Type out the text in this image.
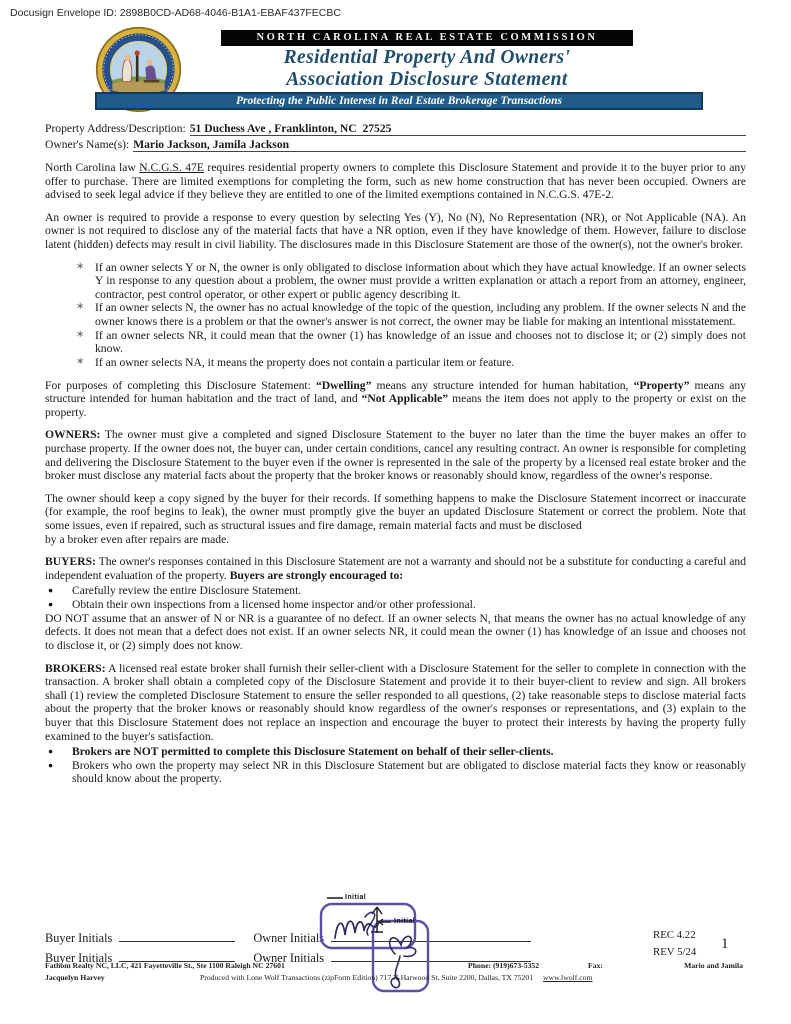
Docusign Envelope ID: 2898B0CD-AD68-4046-B1A1-EBAF437FECBC
NORTH CAROLINA REAL ESTATE COMMISSION
Residential Property And Owners'
Association Disclosure Statement
Protecting the Public Interest in Real Estate Brokerage Transactions
Property Address/Description: 51 Duchess Ave , Franklinton, NC  27525
Owner's Name(s): Mario Jackson, Jamila Jackson
North Carolina law N.C.G.S. 47E requires residential property owners to complete this Disclosure Statement and provide it to the buyer prior to any offer to purchase. There are limited exemptions for completing the form, such as new home construction that has never been occupied. Owners are advised to seek legal advice if they believe they are entitled to one of the limited exemptions contained in N.C.G.S. 47E-2.
An owner is required to provide a response to every question by selecting Yes (Y), No (N), No Representation (NR), or Not Applicable (NA). An owner is not required to disclose any of the material facts that have a NR option, even if they have knowledge of them. However, failure to disclose latent (hidden) defects may result in civil liability. The disclosures made in this Disclosure Statement are those of the owner(s), not the owner's broker.
∗ If an owner selects Y or N, the owner is only obligated to disclose information about which they have actual knowledge. If an owner selects Y in response to any question about a problem, the owner must provide a written explanation or attach a report from an attorney, engineer, contractor, pest control operator, or other expert or public agency describing it.
∗ If an owner selects N, the owner has no actual knowledge of the topic of the question, including any problem. If the owner selects N and the owner knows there is a problem or that the owner's answer is not correct, the owner may be liable for making an intentional misstatement.
∗ If an owner selects NR, it could mean that the owner (1) has knowledge of an issue and chooses not to disclose it; or (2) simply does not know.
∗ If an owner selects NA, it means the property does not contain a particular item or feature.
For purposes of completing this Disclosure Statement: “Dwelling” means any structure intended for human habitation, “Property” means any structure intended for human habitation and the tract of land, and “Not Applicable” means the item does not apply to the property or exist on the property.
OWNERS: The owner must give a completed and signed Disclosure Statement to the buyer no later than the time the buyer makes an offer to purchase property. If the owner does not, the buyer can, under certain conditions, cancel any resulting contract. An owner is responsible for completing and delivering the Disclosure Statement to the buyer even if the owner is represented in the sale of the property by a licensed real estate broker and the broker must disclose any material facts about the property that the broker knows or reasonably should know, regardless of the owner's response.
The owner should keep a copy signed by the buyer for their records. If something happens to make the Disclosure Statement incorrect or inaccurate (for example, the roof begins to leak), the owner must promptly give the buyer an updated Disclosure Statement or correct the problem. Note that some issues, even if repaired, such as structural issues and fire damage, remain material facts and must be disclosed
by a broker even after repairs are made.
BUYERS: The owner's responses contained in this Disclosure Statement are not a warranty and should not be a substitute for conducting a careful and independent evaluation of the property. Buyers are strongly encouraged to:
● Carefully review the entire Disclosure Statement.
● Obtain their own inspections from a licensed home inspector and/or other professional.
DO NOT assume that an answer of N or NR is a guarantee of no defect. If an owner selects N, that means the owner has no actual knowledge of any defects. It does not mean that a defect does not exist. If an owner selects NR, it could mean the owner (1) has knowledge of an issue and chooses not to disclose it, or (2) simply does not know.
BROKERS: A licensed real estate broker shall furnish their seller-client with a Disclosure Statement for the seller to complete in connection with the transaction. A broker shall obtain a completed copy of the Disclosure Statement and provide it to their buyer-client to review and sign. All brokers shall (1) review the completed Disclosure Statement to ensure the seller responded to all questions, (2) take reasonable steps to disclose material facts about the property that the broker knows or reasonably should know regardless of the owner's responses or representations, and (3) explain to the buyer that this Disclosure Statement does not replace an inspection and encourage the buyer to protect their interests by having the property fully examined to the buyer's satisfaction.
● Brokers are NOT permitted to complete this Disclosure Statement on behalf of their seller-clients.
● Brokers who own the property may select NR in this Disclosure Statement but are obligated to disclose material facts they know or reasonably should know about the property.
Buyer Initials	Owner Initials
Buyer Initials	Owner Initials
REC 4.22
REV 5/24 1
Initial
Initial
Fathom Realty NC, LLC, 421 Fayetteville St., Ste 1100 Raleigh NC 27601	Phone: (919)673-5352	Fax:	Mario and Jamila
Jacquelyn Harvey	Produced with Lone Wolf Transactions (zipForm Edition) 717 N Harwood St, Suite 2200, Dallas, TX 75201 www.lwolf.com
